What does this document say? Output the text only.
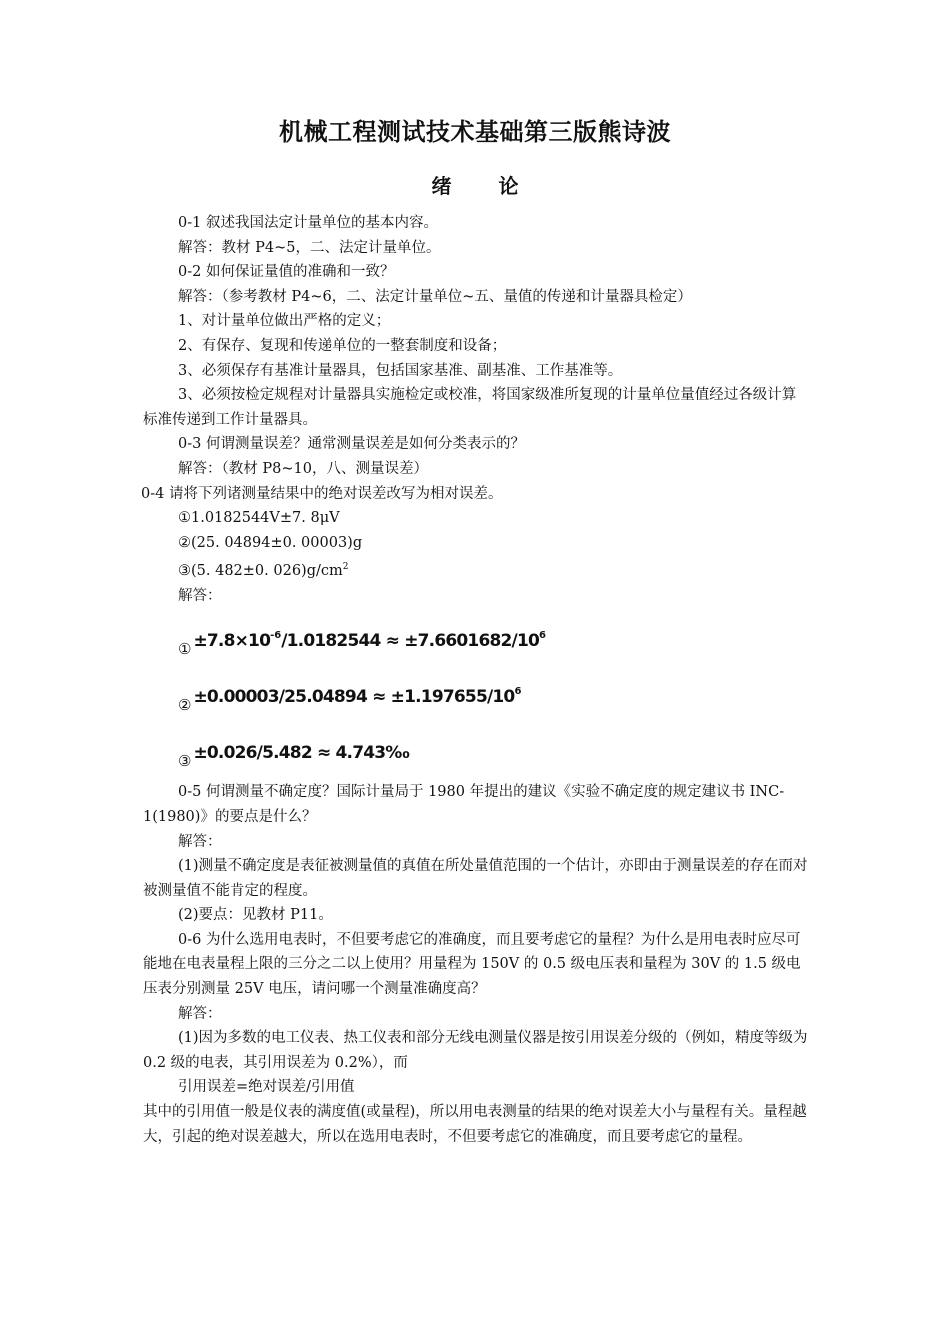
机械工程测试技术基础第三版熊诗波
绪 论

0-1 叙述我国法定计量单位的基本内容。

解答：教材 P4~5，二、法定计量单位。

0-2 如何保证量值的准确和一致？

解答：（参考教材 P4~6，二、法定计量单位~五、量值的传递和计量器具检定）

1、对计量单位做出严格的定义；

2、有保存、复现和传递单位的一整套制度和设备；

3、必须保存有基准计量器具，包括国家基准、副基准、工作基准等。

3、必须按检定规程对计量器具实施检定或校准，将国家级准所复现的计量单位量值经过各级计算标准传递到工作计量器具。

0-3 何谓测量误差？通常测量误差是如何分类表示的？

解答：（教材 P8~10，八、测量误差）

0-4 请将下列诸测量结果中的绝对误差改写为相对误差。

①1.0182544V±7. 8μV

②(25. 04894±0. 00003)g

③(5. 482±0. $026)g/cm^2$

解答：

① $\pm 7.8\times 10^{-6}/1.0182544 \approx \pm 7.6601682/10^6$
② $\pm 0.00003/25.04894 \approx \pm 1.197655/10^6$
③ ±0.026/5.482 ≈ 4.743‰

0-5 何谓测量不确定度？国际计量局于 1980 年提出的建议《实验不确定度的规定建议书 INC-1(1980)》的要点是什么？

解答：

(1)测量不确定度是表征被测量值的真值在所处量值范围的一个估计，亦即由于测量误差的存在而对被测量值不能肯定的程度。

(2)要点：见教材 P11。

0-6 为什么选用电表时，不但要考虑它的准确度，而且要考虑它的量程？为什么是用电表时应尽可能地在电表量程上限的三分之二以上使用？用量程为 150V 的 0.5 级电压表和量程为 30V 的 1.5 级电压表分别测量 25V 电压，请问哪一个测量准确度高？

解答：

(1)因为多数的电工仪表、热工仪表和部分无线电测量仪器是按引用误差分级的（例如，精度等级为 0.2 级的电表，其引用误差为 0.2%），而

引用误差=绝对误差/引用值

其中的引用值一般是仪表的满度值(或量程)，所以用电表测量的结果的绝对误差大小与量程有关。量程越大，引起的绝对误差越大，所以在选用电表时，不但要考虑它的准确度，而且要考虑它的量程。
